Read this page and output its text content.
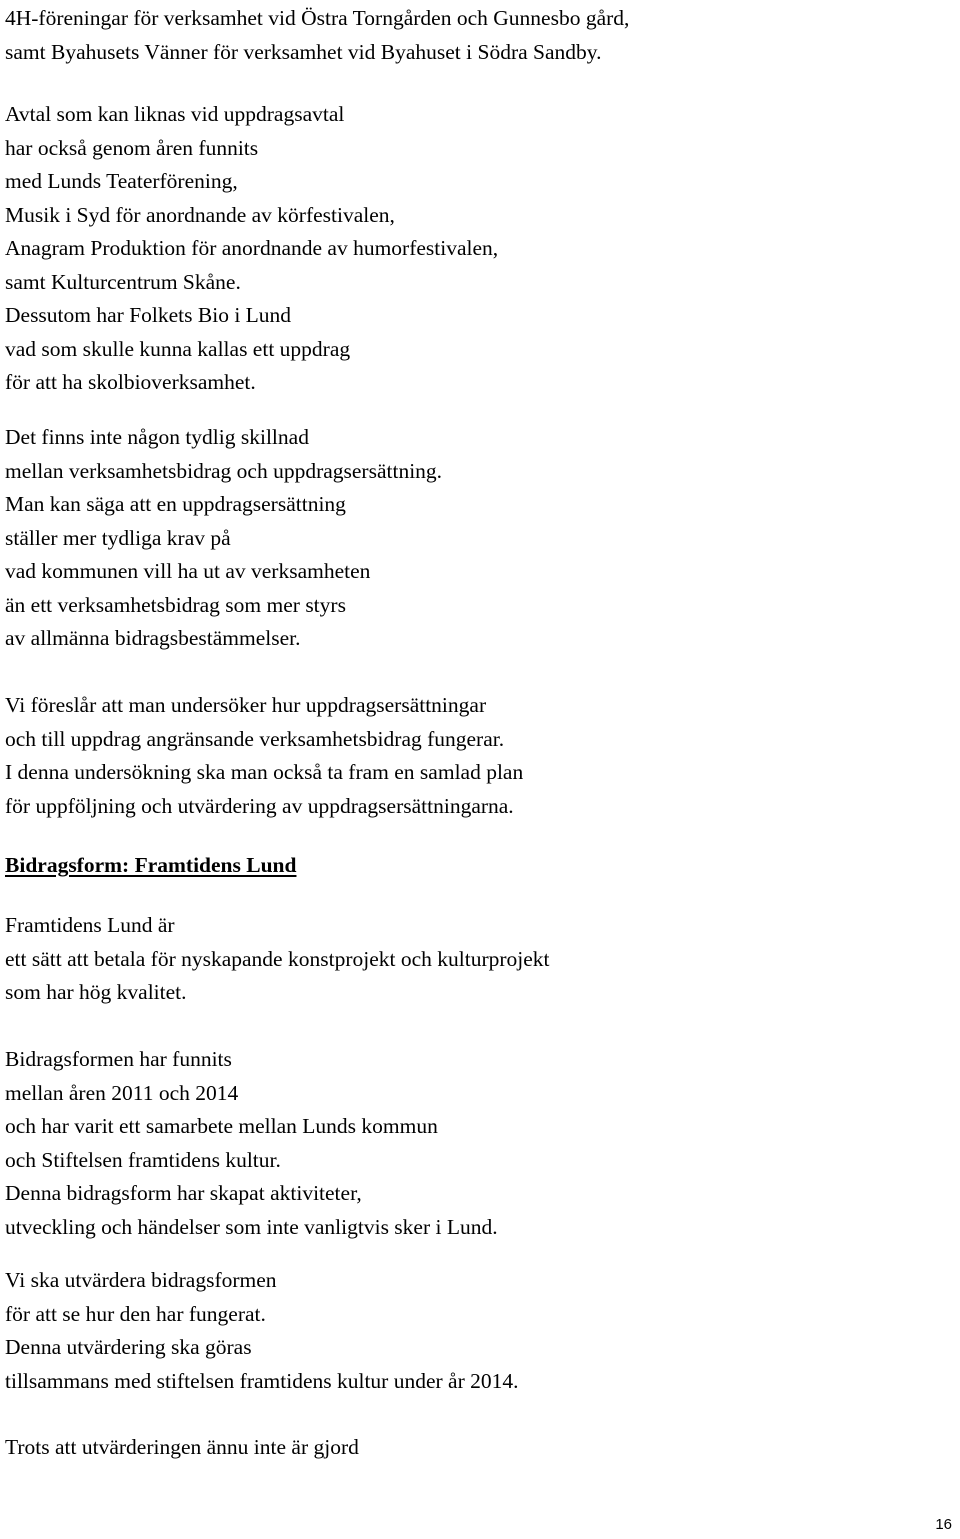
4H-föreningar för verksamhet vid Östra Torngården och Gunnesbo gård,
samt Byahusets Vänner för verksamhet vid Byahuset i Södra Sandby.
Avtal som kan liknas vid uppdragsavtal
har också genom åren funnits
med Lunds Teaterförening,
Musik i Syd för anordnande av körfestivalen,
Anagram Produktion för anordnande av humorfestivalen,
samt Kulturcentrum Skåne.
Dessutom har Folkets Bio i Lund
vad som skulle kunna kallas ett uppdrag
för att ha skolbioverksamhet.
Det finns inte någon tydlig skillnad
mellan verksamhetsbidrag och uppdragsersättning.
Man kan säga att en uppdragsersättning
ställer mer tydliga krav på
vad kommunen vill ha ut av verksamheten
än ett verksamhetsbidrag som mer styrs
av allmänna bidragsbestämmelser.
Vi föreslår att man undersöker hur uppdragsersättningar
och till uppdrag angränsande verksamhetsbidrag fungerar.
I denna undersökning ska man också ta fram en samlad plan
för uppföljning och utvärdering av uppdragsersättningarna.
Bidragsform: Framtidens Lund
Framtidens Lund är
ett sätt att betala för nyskapande konstprojekt och kulturprojekt
som har hög kvalitet.
Bidragsformen har funnits
mellan åren 2011 och 2014
och har varit ett samarbete mellan Lunds kommun
och Stiftelsen framtidens kultur.
Denna bidragsform har skapat aktiviteter,
utveckling och händelser som inte vanligtvis sker i Lund.
Vi ska utvärdera bidragsformen
för att se hur den har fungerat.
Denna utvärdering ska göras
tillsammans med stiftelsen framtidens kultur under år 2014.
Trots att utvärderingen ännu inte är gjord
16
